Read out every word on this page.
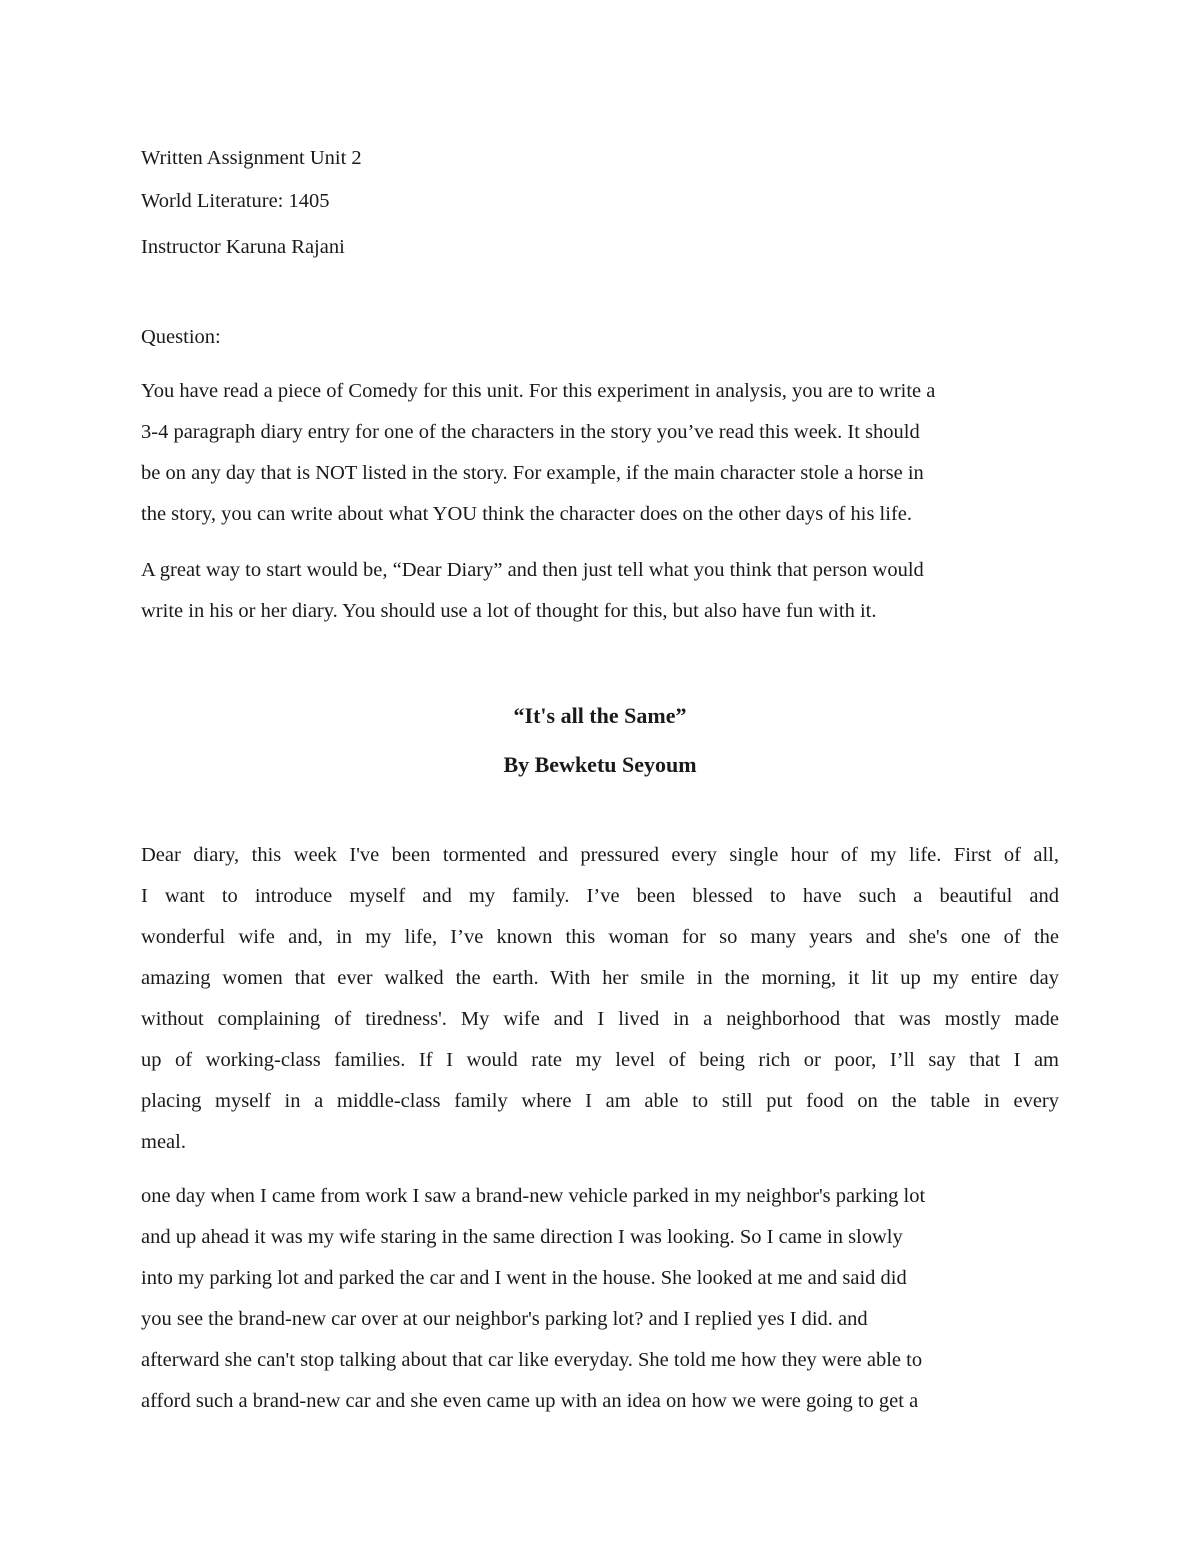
Written Assignment Unit 2
World Literature: 1405
Instructor Karuna Rajani
Question:
You have read a piece of Comedy for this unit. For this experiment in analysis, you are to write a
3-4 paragraph diary entry for one of the characters in the story you’ve read this week. It should
be on any day that is NOT listed in the story. For example, if the main character stole a horse in
the story, you can write about what YOU think the character does on the other days of his life.
A great way to start would be, “Dear Diary” and then just tell what you think that person would
write in his or her diary. You should use a lot of thought for this, but also have fun with it.
“It's all the Same”
By Bewketu Seyoum
Dear diary, this week I've been tormented and pressured every single hour of my life. First of all,
I want to introduce myself and my family. I’ve been blessed to have such a beautiful and
wonderful wife and, in my life, I’ve known this woman for so many years and she's one of the
amazing women that ever walked the earth. With her smile in the morning, it lit up my entire day
without complaining of tiredness'. My wife and I lived in a neighborhood that was mostly made
up of working-class families. If I would rate my level of being rich or poor, I’ll say that I am
placing myself in a middle-class family where I am able to still put food on the table in every
meal.
one day when I came from work I saw a brand-new vehicle parked in my neighbor's parking lot
and up ahead it was my wife staring in the same direction I was looking. So I came in slowly
into my parking lot and parked the car and I went in the house. She looked at me and said did
you see the brand-new car over at our neighbor's parking lot? and I replied yes I did. and
afterward she can't stop talking about that car like everyday. She told me how they were able to
afford such a brand-new car and she even came up with an idea on how we were going to get a
